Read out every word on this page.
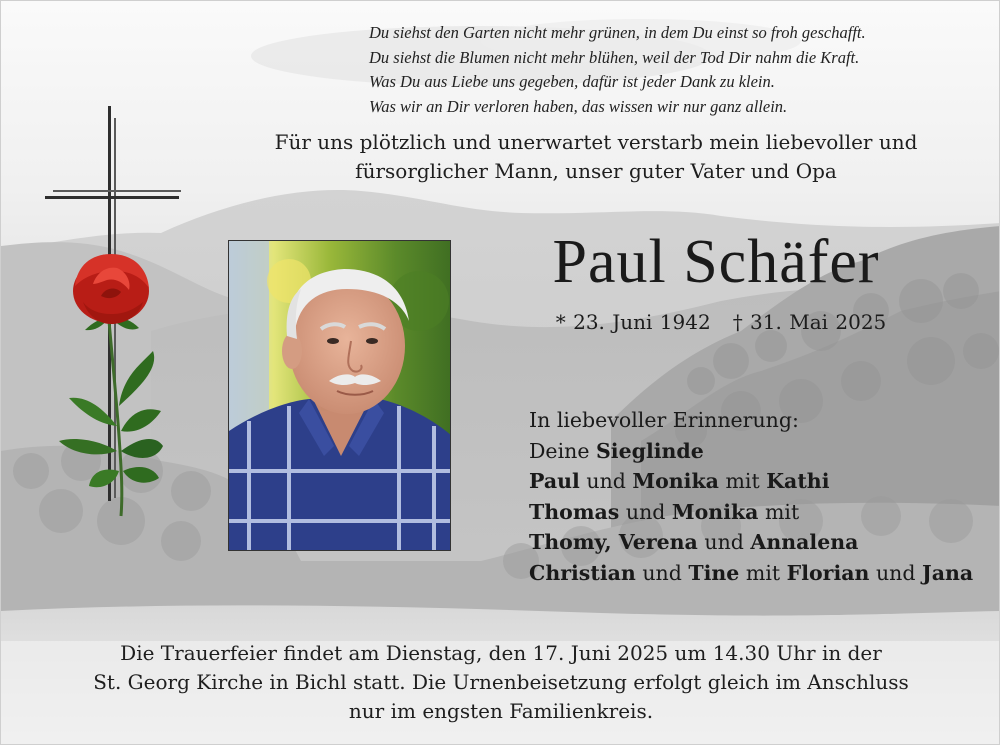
Du siehst den Garten nicht mehr grünen, in dem Du einst so froh geschafft.
Du siehst die Blumen nicht mehr blühen, weil der Tod Dir nahm die Kraft.
Was Du aus Liebe uns gegeben, dafür ist jeder Dank zu klein.
Was wir an Dir verloren haben, das wissen wir nur ganz allein.
Für uns plötzlich und unerwartet verstarb mein liebevoller und
fürsorglicher Mann, unser guter Vater und Opa
Paul Schäfer
* 23. Juni 1942 † 31. Mai 2025
In liebevoller Erinnerung:
Deine Sieglinde
Paul und Monika mit Kathi
Thomas und Monika mit
Thomy, Verena und Annalena
Christian und Tine mit Florian und Jana
Die Trauerfeier findet am Dienstag, den 17. Juni 2025 um 14.30 Uhr in der
St. Georg Kirche in Bichl statt. Die Urnenbeisetzung erfolgt gleich im Anschluss
nur im engsten Familienkreis.
